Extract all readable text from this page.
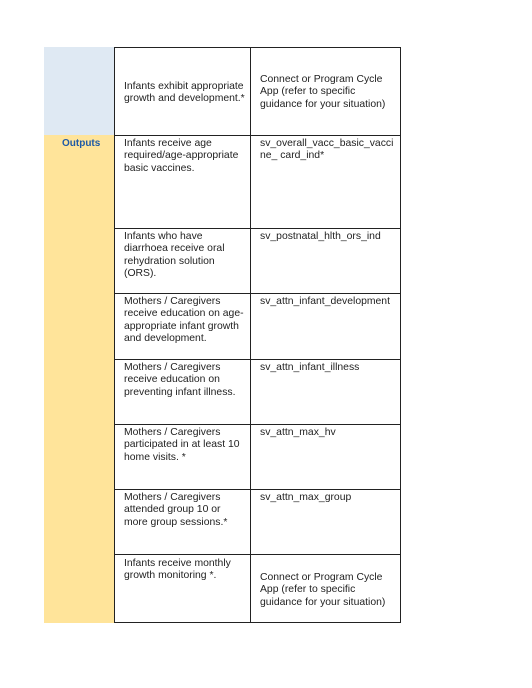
Outputs
Infants exhibit appropriate growth and development.*
Connect or Program Cycle App (refer to specific guidance for your situation)
Infants receive age required/age-appropriate basic vaccines.
sv_overall_vacc_basic_vaccine_ card_ind*
Infants who have diarrhoea receive oral rehydration solution (ORS).
sv_postnatal_hlth_ors_ind
Mothers / Caregivers receive education on age-appropriate infant growth and development.
sv_attn_infant_development
Mothers / Caregivers receive education on preventing infant illness.
sv_attn_infant_illness
Mothers / Caregivers participated in at least 10 home visits. *
sv_attn_max_hv
Mothers / Caregivers attended group 10 or more group sessions.*
sv_attn_max_group
Infants receive monthly growth monitoring *.	Connect or Program Cycle App (refer to specific guidance for your situation)
